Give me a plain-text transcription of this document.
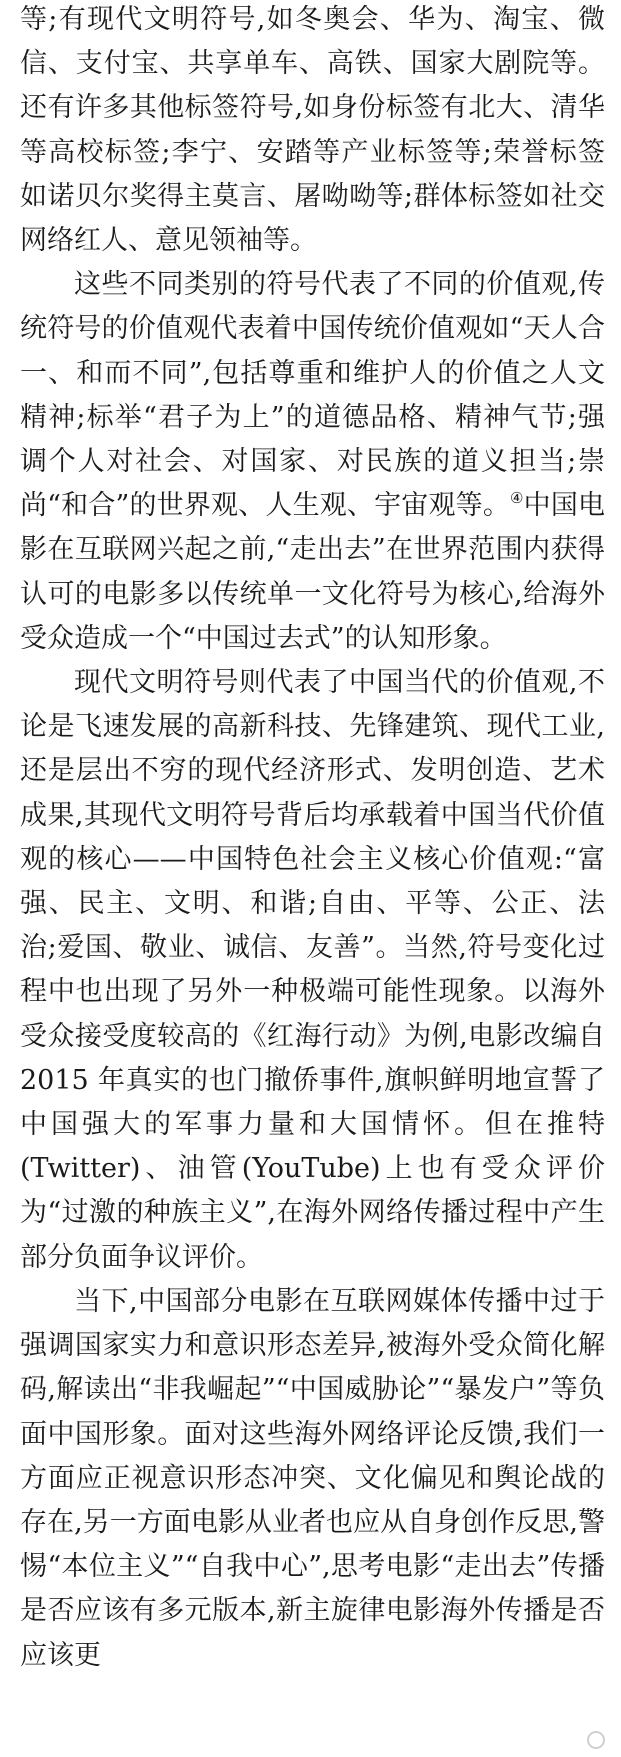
等;有现代文明符号,如冬奥会、华为、淘宝、微信、支付宝、共享单车、高铁、国家大剧院等。还有许多其他标签符号,如身份标签有北大、清华等高校标签;李宁、安踏等产业标签等;荣誉标签如诺贝尔奖得主莫言、屠呦呦等;群体标签如社交网络红人、意见领袖等。

这些不同类别的符号代表了不同的价值观,传统符号的价值观代表着中国传统价值观如“天人合一、和而不同”,包括尊重和维护人的价值之人文精神;标举“君子为上”的道德品格、精神气节;强调个人对社会、对国家、对民族的道义担当;崇尚“和合”的世界观、人生观、宇宙观等。④中国电影在互联网兴起之前,“走出去”在世界范围内获得认可的电影多以传统单一文化符号为核心,给海外受众造成一个“中国过去式”的认知形象。

现代文明符号则代表了中国当代的价值观,不论是飞速发展的高新科技、先锋建筑、现代工业,还是层出不穷的现代经济形式、发明创造、艺术成果,其现代文明符号背后均承载着中国当代价值观的核心——中国特色社会主义核心价值观:“富强、民主、文明、和谐;自由、平等、公正、法治;爱国、敬业、诚信、友善”。当然,符号变化过程中也出现了另外一种极端可能性现象。以海外受众接受度较高的《红海行动》为例,电影改编自 2015 年真实的也门撤侨事件,旗帜鲜明地宣誓了中国强大的军事力量和大国情怀。但在推特(Twitter)、油管(YouTube)上也有受众评价为“过激的种族主义”,在海外网络传播过程中产生部分负面争议评价。

当下,中国部分电影在互联网媒体传播中过于强调国家实力和意识形态差异,被海外受众简化解码,解读出“非我崛起”“中国威胁论”“暴发户”等负面中国形象。面对这些海外网络评论反馈,我们一方面应正视意识形态冲突、文化偏见和舆论战的存在,另一方面电影从业者也应从自身创作反思,警惕“本位主义”“自我中心”,思考电影“走出去”传播是否应该有多元版本,新主旋律电影海外传播是否应该更
